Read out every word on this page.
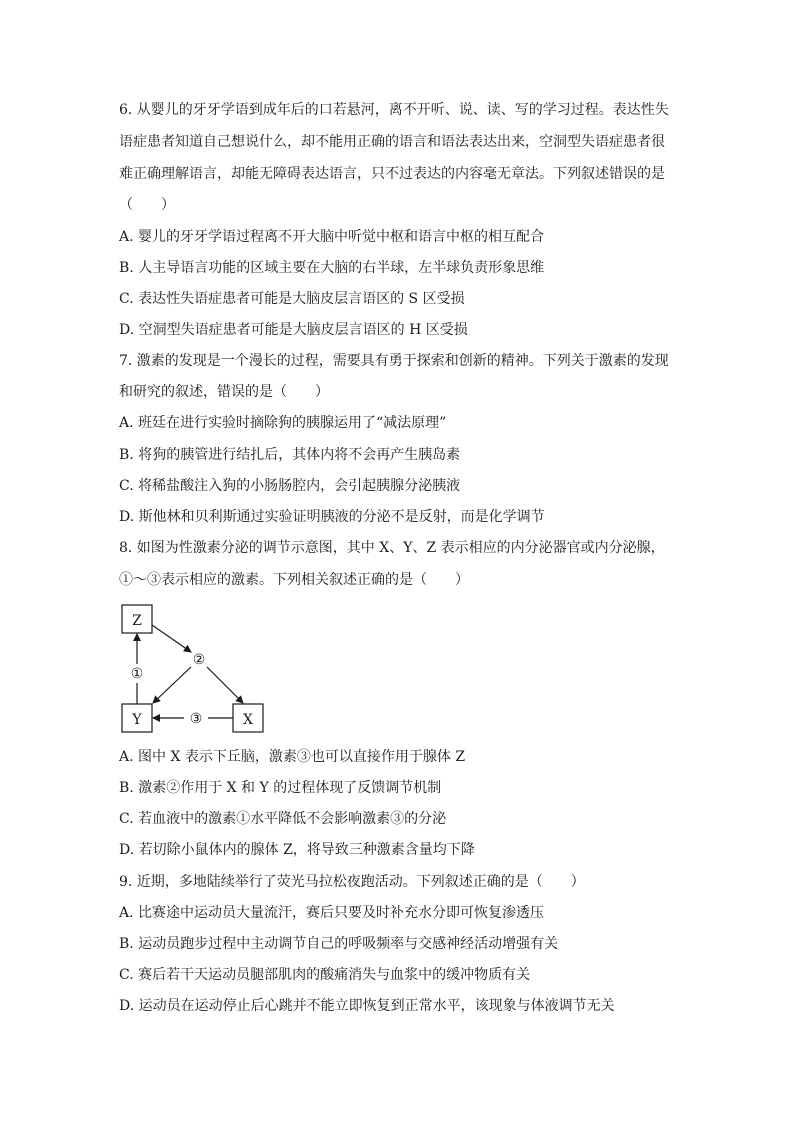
6. 从婴儿的牙牙学语到成年后的口若悬河，离不开听、说、读、写的学习过程。表达性失
语症患者知道自己想说什么，却不能用正确的语言和语法表达出来，空洞型失语症患者很
难正确理解语言，却能无障碍表达语言，只不过表达的内容毫无章法。下列叙述错误的是
（　　）
A. 婴儿的牙牙学语过程离不开大脑中听觉中枢和语言中枢的相互配合
B. 人主导语言功能的区域主要在大脑的右半球，左半球负责形象思维
C. 表达性失语症患者可能是大脑皮层言语区的 S 区受损
D. 空洞型失语症患者可能是大脑皮层言语区的 H 区受损
7. 激素的发现是一个漫长的过程，需要具有勇于探索和创新的精神。下列关于激素的发现
和研究的叙述，错误的是（　　）
A. 班廷在进行实验时摘除狗的胰腺运用了“减法原理”
B. 将狗的胰管进行结扎后，其体内将不会再产生胰岛素
C. 将稀盐酸注入狗的小肠肠腔内，会引起胰腺分泌胰液
D. 斯他林和贝利斯通过实验证明胰液的分泌不是反射，而是化学调节
8. 如图为性激素分泌的调节示意图，其中 X、Y、Z 表示相应的内分泌器官或内分泌腺，
①～③表示相应的激素。下列相关叙述正确的是（　　）
Z
Y	X
①
②
③
A. 图中 X 表示下丘脑，激素③也可以直接作用于腺体 Z
B. 激素②作用于 X 和 Y 的过程体现了反馈调节机制
C. 若血液中的激素①水平降低不会影响激素③的分泌
D. 若切除小鼠体内的腺体 Z，将导致三种激素含量均下降
9. 近期，多地陆续举行了荧光马拉松夜跑活动。下列叙述正确的是（　　）
A. 比赛途中运动员大量流汗，赛后只要及时补充水分即可恢复渗透压
B. 运动员跑步过程中主动调节自己的呼吸频率与交感神经活动增强有关
C. 赛后若干天运动员腿部肌肉的酸痛消失与血浆中的缓冲物质有关
D. 运动员在运动停止后心跳并不能立即恢复到正常水平，该现象与体液调节无关
